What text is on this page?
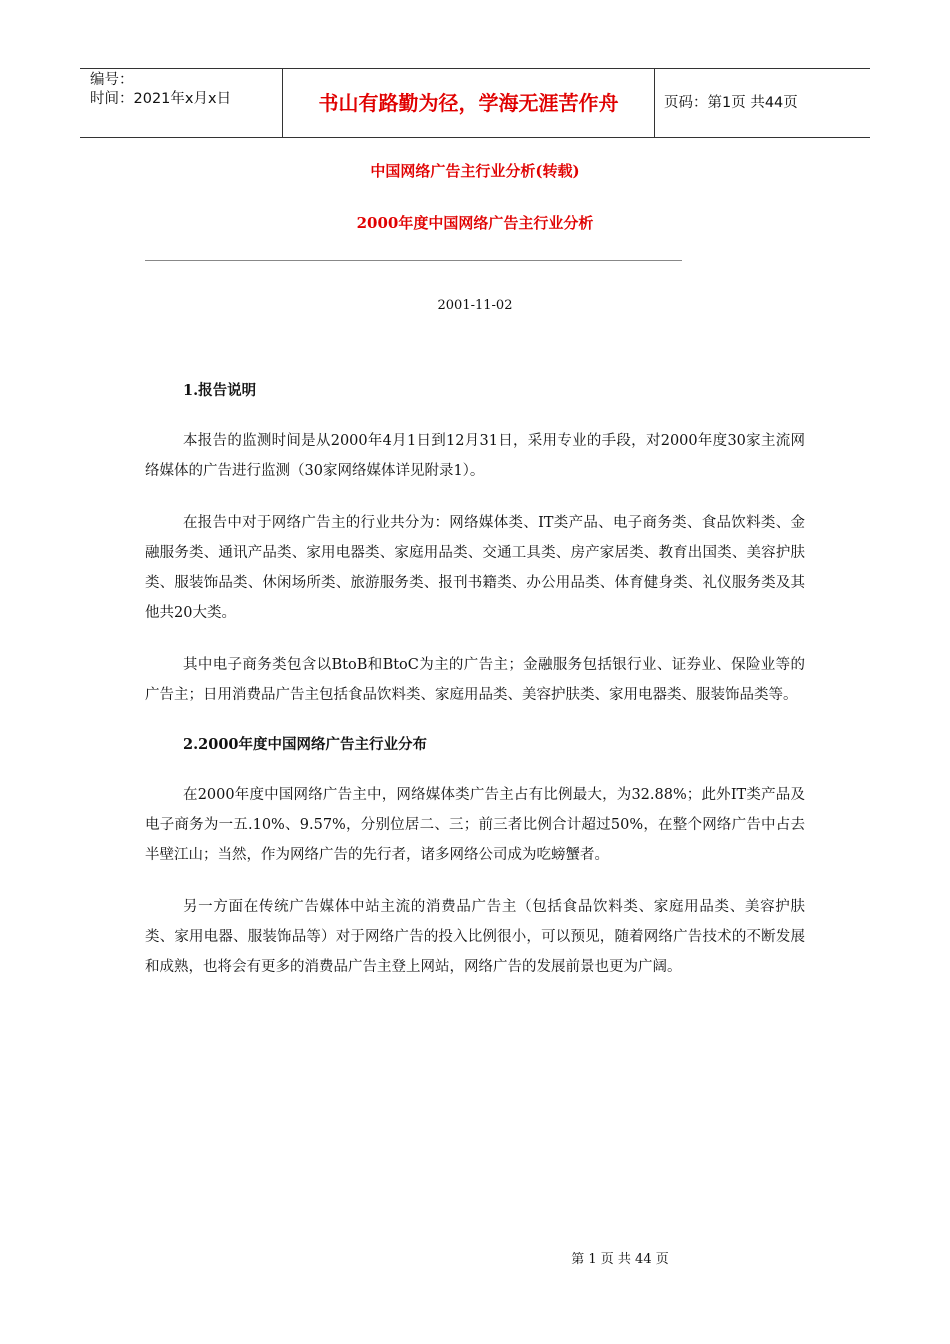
编号：
时间：2021年x月x日	书山有路勤为径，学海无涯苦作舟	页码：第1页 共44页
中国网络广告主行业分析(转载)
2000年度中国网络广告主行业分析
2001-11-02
1.报告说明

本报告的监测时间是从2000年4月1日到12月31日，采用专业的手段，对2000年度30家主流网络媒体的广告进行监测（30家网络媒体详见附录1）。

在报告中对于网络广告主的行业共分为：网络媒体类、IT类产品、电子商务类、食品饮料类、金融服务类、通讯产品类、家用电器类、家庭用品类、交通工具类、房产家居类、教育出国类、美容护肤类、服装饰品类、休闲场所类、旅游服务类、报刊书籍类、办公用品类、体育健身类、礼仪服务类及其他共20大类。

其中电子商务类包含以BtoB和BtoC为主的广告主；金融服务包括银行业、证券业、保险业等的广告主；日用消费品广告主包括食品饮料类、家庭用品类、美容护肤类、家用电器类、服装饰品类等。

2.2000年度中国网络广告主行业分布

在2000年度中国网络广告主中，网络媒体类广告主占有比例最大，为32.88%；此外IT类产品及电子商务为一五.10%、9.57%，分别位居二、三；前三者比例合计超过50%，在整个网络广告中占去半壁江山；当然，作为网络广告的先行者，诸多网络公司成为吃螃蟹者。

另一方面在传统广告媒体中站主流的消费品广告主（包括食品饮料类、家庭用品类、美容护肤类、家用电器、服装饰品等）对于网络广告的投入比例很小，可以预见，随着网络广告技术的不断发展和成熟，也将会有更多的消费品广告主登上网站，网络广告的发展前景也更为广阔。

第 1 页 共 44 页
